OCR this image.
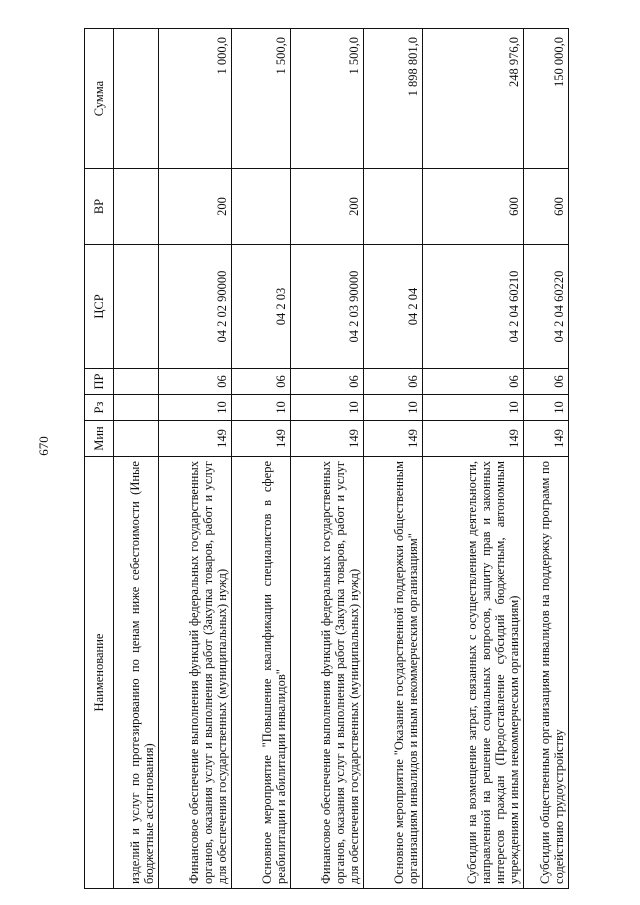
670
Наименование	Мин	Рз	ПР	ЦСР	ВР	Сумма
изделий и услуг по протезированию по ценам ниже себестоимости (Иные бюджетные ассигнования)						
Финансовое обеспечение выполнения функций федеральных государственных органов, оказания услуг и выполнения работ (Закупка товаров, работ и услуг для обеспечения государственных (муниципальных) нужд)	149	10	06	04 2 02 90000	200	1 000,0
Основное мероприятие "Повышение квалификации специалистов в сфере реабилитации и абилитации инвалидов"	149	10	06	04 2 03		1 500,0
Финансовое обеспечение выполнения функций федеральных государственных органов, оказания услуг и выполнения работ (Закупка товаров, работ и услуг для обеспечения государственных (муниципальных) нужд)	149	10	06	04 2 03 90000	200	1 500,0
Основное мероприятие "Оказание государственной поддержки общественным организациям инвалидов и иным некоммерческим организациям"	149	10	06	04 2 04		1 898 801,0
Субсидии на возмещение затрат, связанных с осуществлением деятельности, направленной на решение социальных вопросов, защиту прав и законных интересов граждан (Предоставление субсидий бюджетным, автономным учреждениям и иным некоммерческим организациям)	149	10	06	04 2 04 60210	600	248 976,0
Субсидии общественным организациям инвалидов на поддержку программ по содействию трудоустройству	149	10	06	04 2 04 60220	600	150 000,0
